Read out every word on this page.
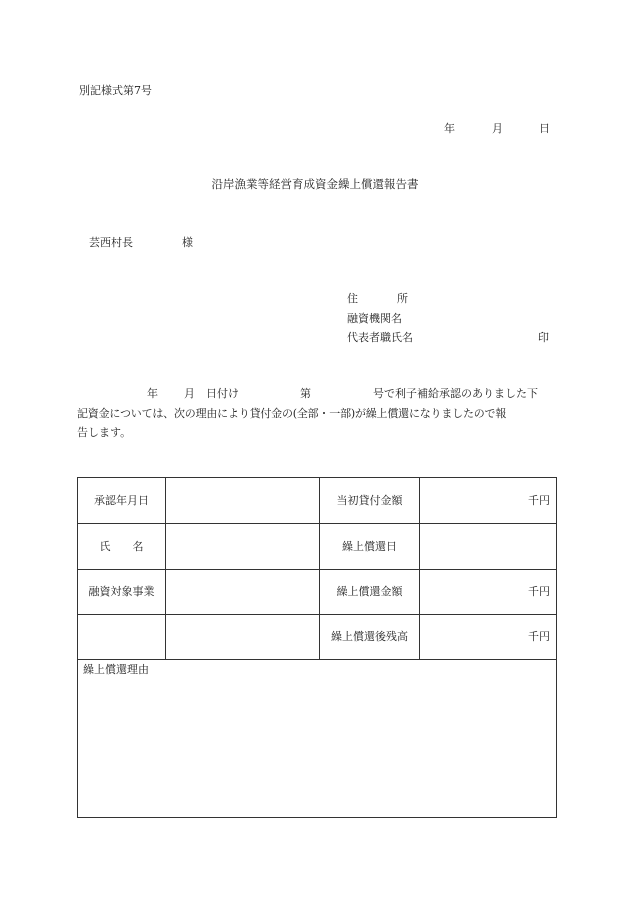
別記様式第7号
年	月	日
沿岸漁業等経営育成資金繰上償還報告書
芸西村長	様
住	所
融資機関名
代表者職氏名	印
年 月 日付け	第	号で利子補給承認のありました下
記資金については、次の理由により貸付金の(全部・一部)が繰上償還になりましたので報
告します。
承認年月日		当初貸付金額	千円
氏　　名		繰上償還日	
融資対象事業		繰上償還金額	千円
		繰上償還後残高	千円
繰上償還理由			
